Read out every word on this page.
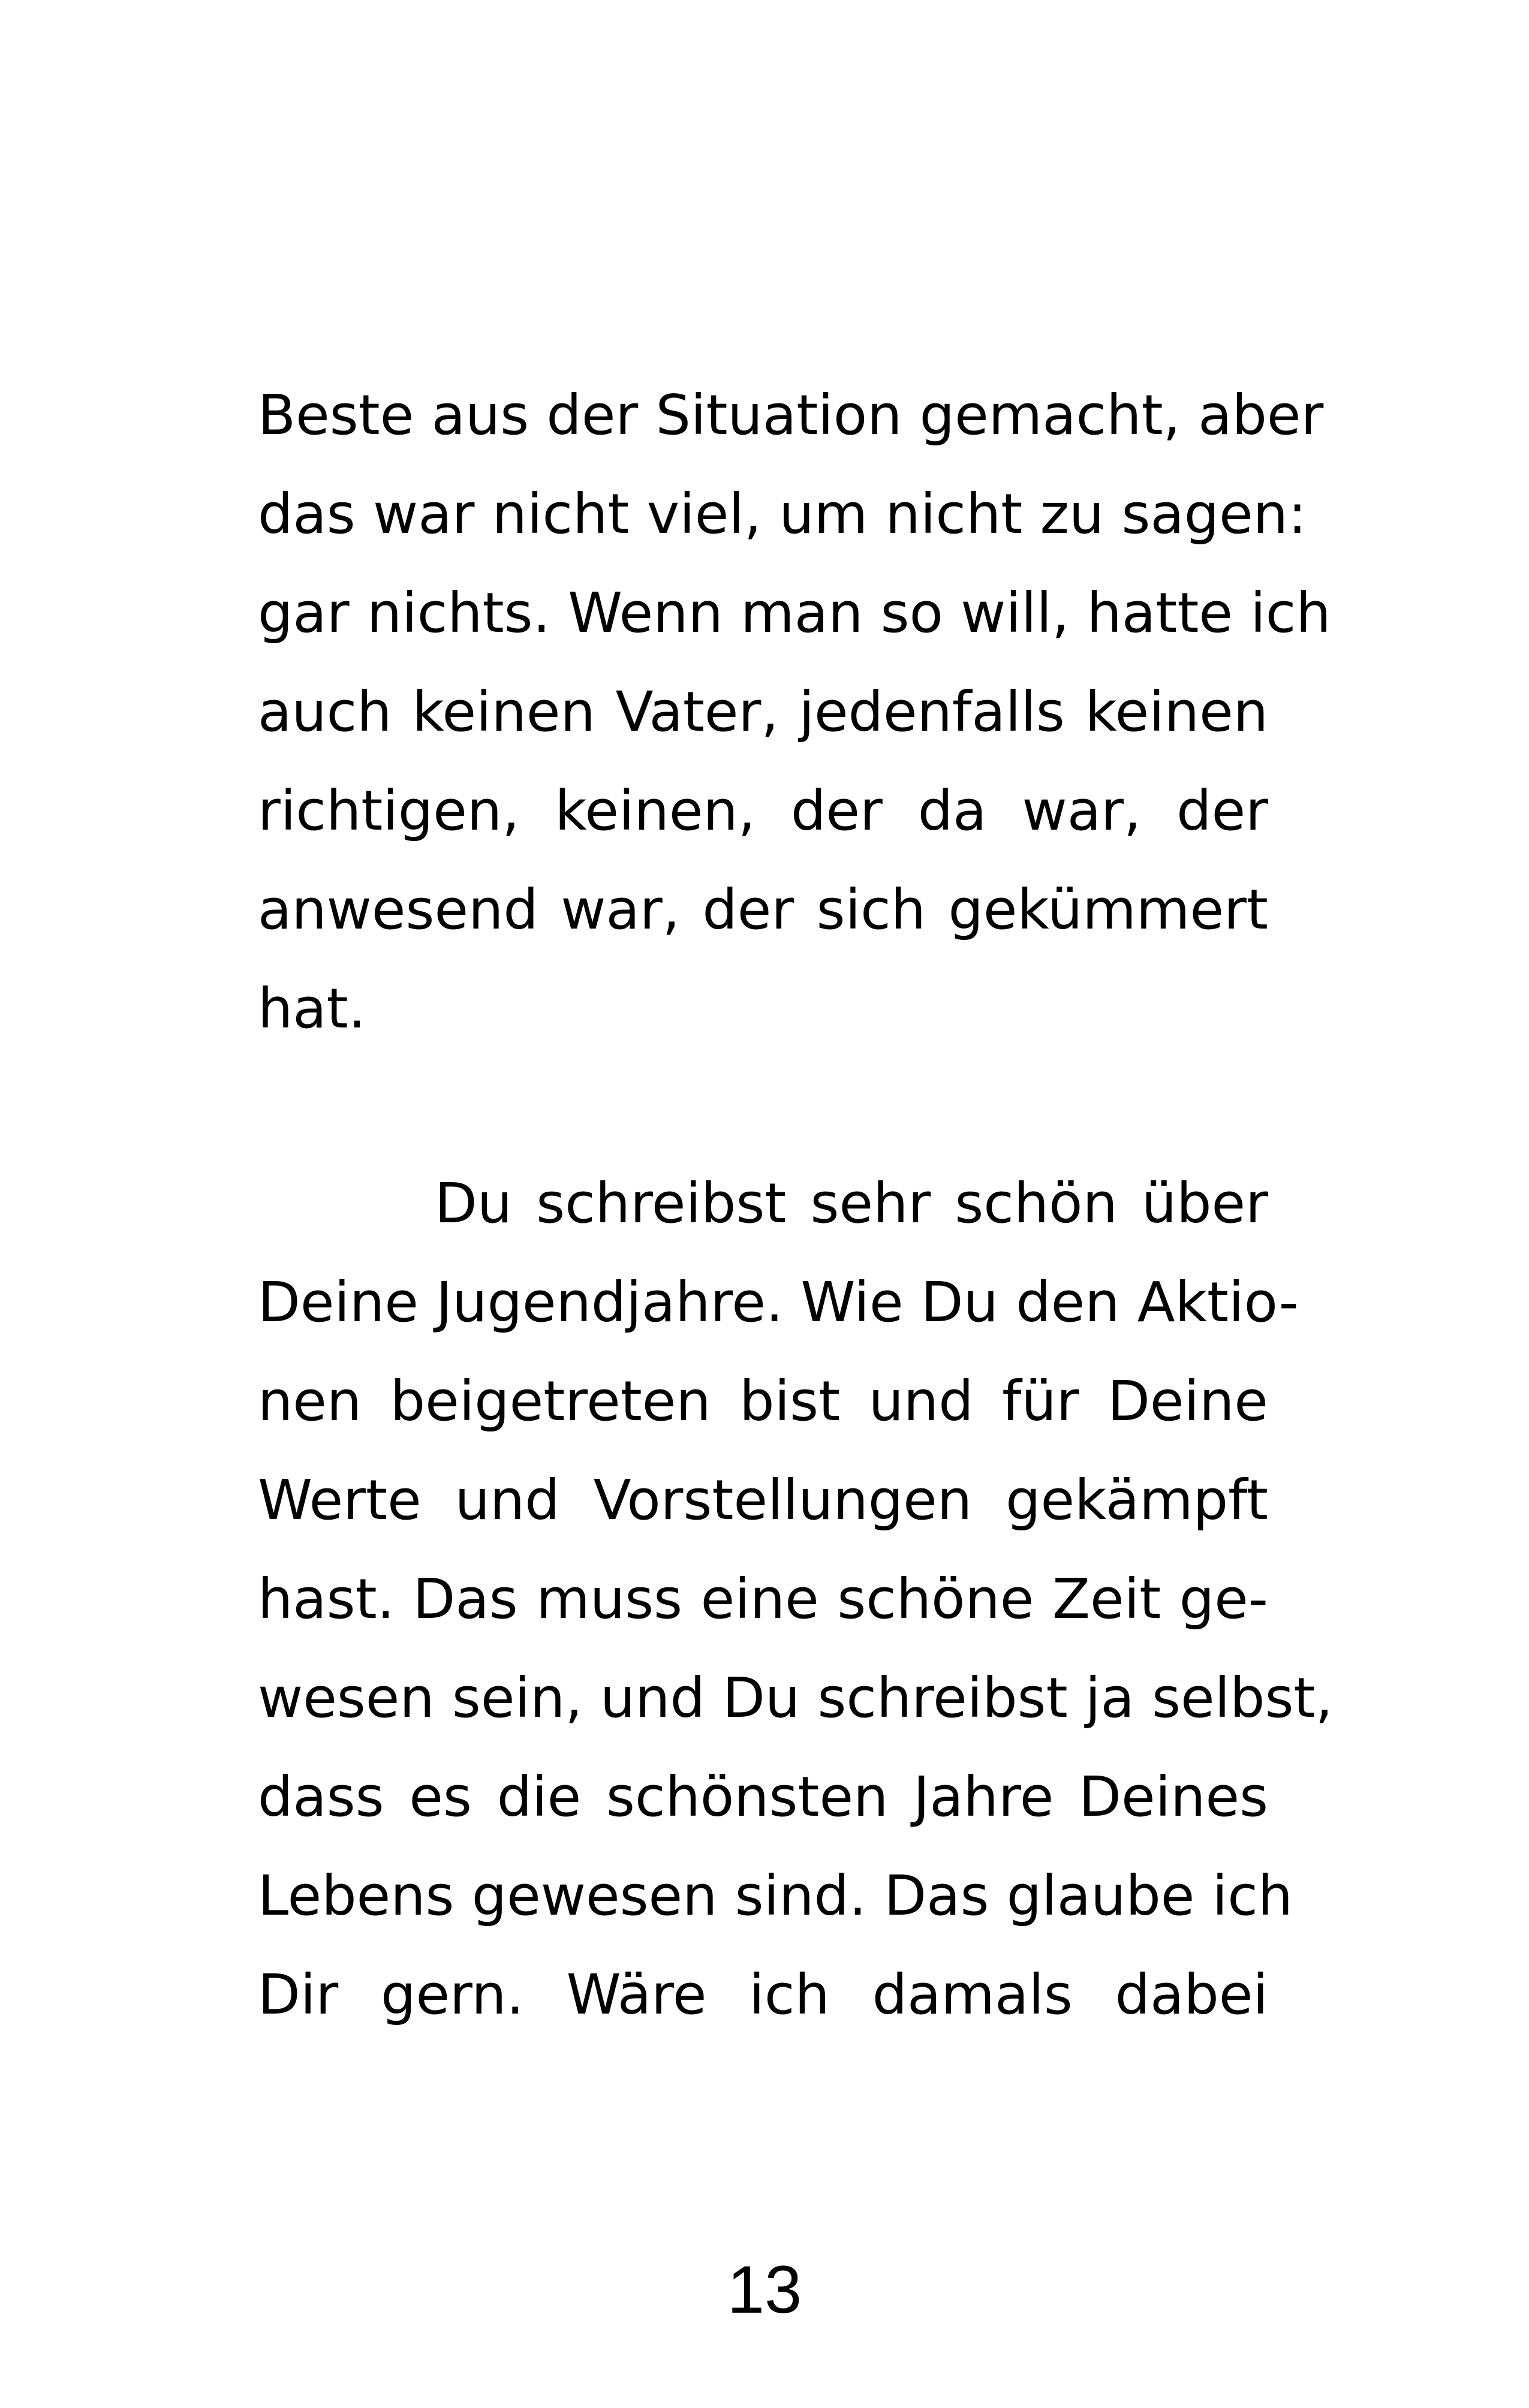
Beste aus der Situation gemacht, aber
das war nicht viel, um nicht zu sagen:
gar nichts. Wenn man so will, hatte ich
auch keinen Vater, jedenfalls keinen
richtigen, keinen, der da war, der
anwesend war, der sich gekümmert
hat.
Du schreibst sehr schön über
Deine Jugendjahre. Wie Du den Aktio-
nen beigetreten bist und für Deine
Werte und Vorstellungen gekämpft
hast. Das muss eine schöne Zeit ge-
wesen sein, und Du schreibst ja selbst,
dass es die schönsten Jahre Deines
Lebens gewesen sind. Das glaube ich
Dir gern. Wäre ich damals dabei
13
